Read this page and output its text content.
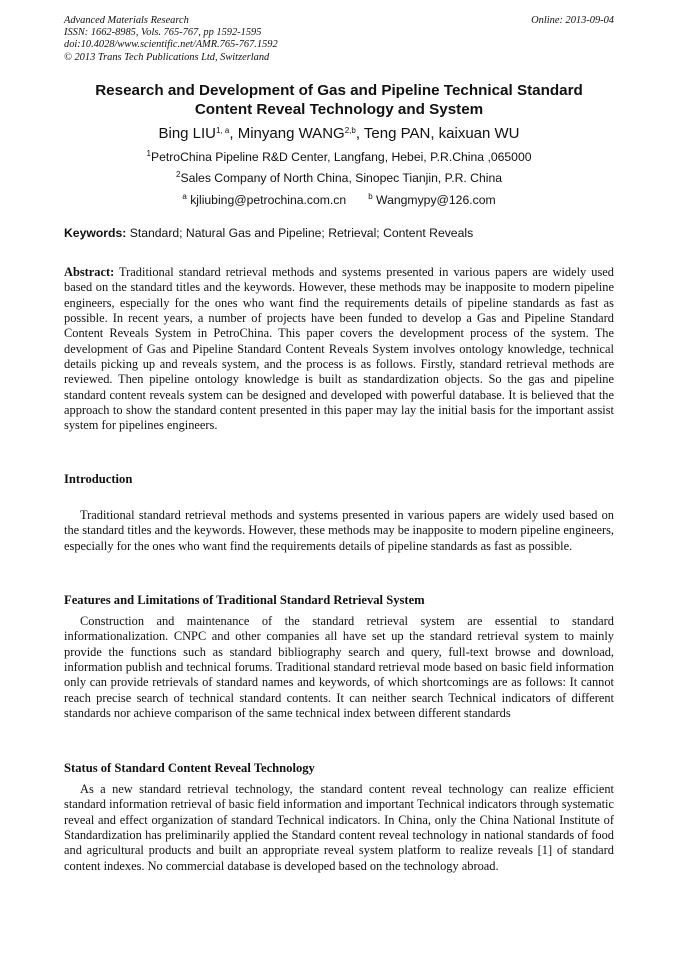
Advanced Materials Research
ISSN: 1662-8985, Vols. 765-767, pp 1592-1595
doi:10.4028/www.scientific.net/AMR.765-767.1592
© 2013 Trans Tech Publications Ltd, Switzerland
Online: 2013-09-04
Research and Development of Gas and Pipeline Technical Standard
Content Reveal Technology and System
Bing LIU$^{1, a}$, Minyang WANG$^{2,b}$, Teng PAN, kaixuan WU
$^1$PetroChina Pipeline R&D Center, Langfang, Hebei, P.R.China ,065000
$^2$Sales Company of North China, Sinopec Tianjin, P.R. China
$^a$ kjliubing@petrochina.com.cn	$^b$ Wangmypy@126.com
Keywords: Standard; Natural Gas and Pipeline; Retrieval; Content Reveals
Abstract: Traditional standard retrieval methods and systems presented in various papers are widely used based on the standard titles and the keywords. However, these methods may be inapposite to modern pipeline engineers, especially for the ones who want find the requirements details of pipeline standards as fast as possible. In recent years, a number of projects have been funded to develop a Gas and Pipeline Standard Content Reveals System in PetroChina. This paper covers the development process of the system. The development of Gas and Pipeline Standard Content Reveals System involves ontology knowledge, technical details picking up and reveals system, and the process is as follows. Firstly, standard retrieval methods are reviewed. Then pipeline ontology knowledge is built as standardization objects. So the gas and pipeline standard content reveals system can be designed and developed with powerful database. It is believed that the approach to show the standard content presented in this paper may lay the initial basis for the important assist system for pipelines engineers.
Introduction
Traditional standard retrieval methods and systems presented in various papers are widely used based on the standard titles and the keywords. However, these methods may be inapposite to modern pipeline engineers, especially for the ones who want find the requirements details of pipeline standards as fast as possible.
Features and Limitations of Traditional Standard Retrieval System
Construction and maintenance of the standard retrieval system are essential to standard informationalization. CNPC and other companies all have set up the standard retrieval system to mainly provide the functions such as standard bibliography search and query, full-text browse and download, information publish and technical forums. Traditional standard retrieval mode based on basic field information only can provide retrievals of standard names and keywords, of which shortcomings are as follows: It cannot reach precise search of technical standard contents. It can neither search Technical indicators of different standards nor achieve comparison of the same technical index between different standards
Status of Standard Content Reveal Technology
As a new standard retrieval technology, the standard content reveal technology can realize efficient standard information retrieval of basic field information and important Technical indicators through systematic reveal and effect organization of standard Technical indicators. In China, only the China National Institute of Standardization has preliminarily applied the Standard content reveal technology in national standards of food and agricultural products and built an appropriate reveal system platform to realize reveals [1] of standard content indexes. No commercial database is developed based on the technology abroad.
